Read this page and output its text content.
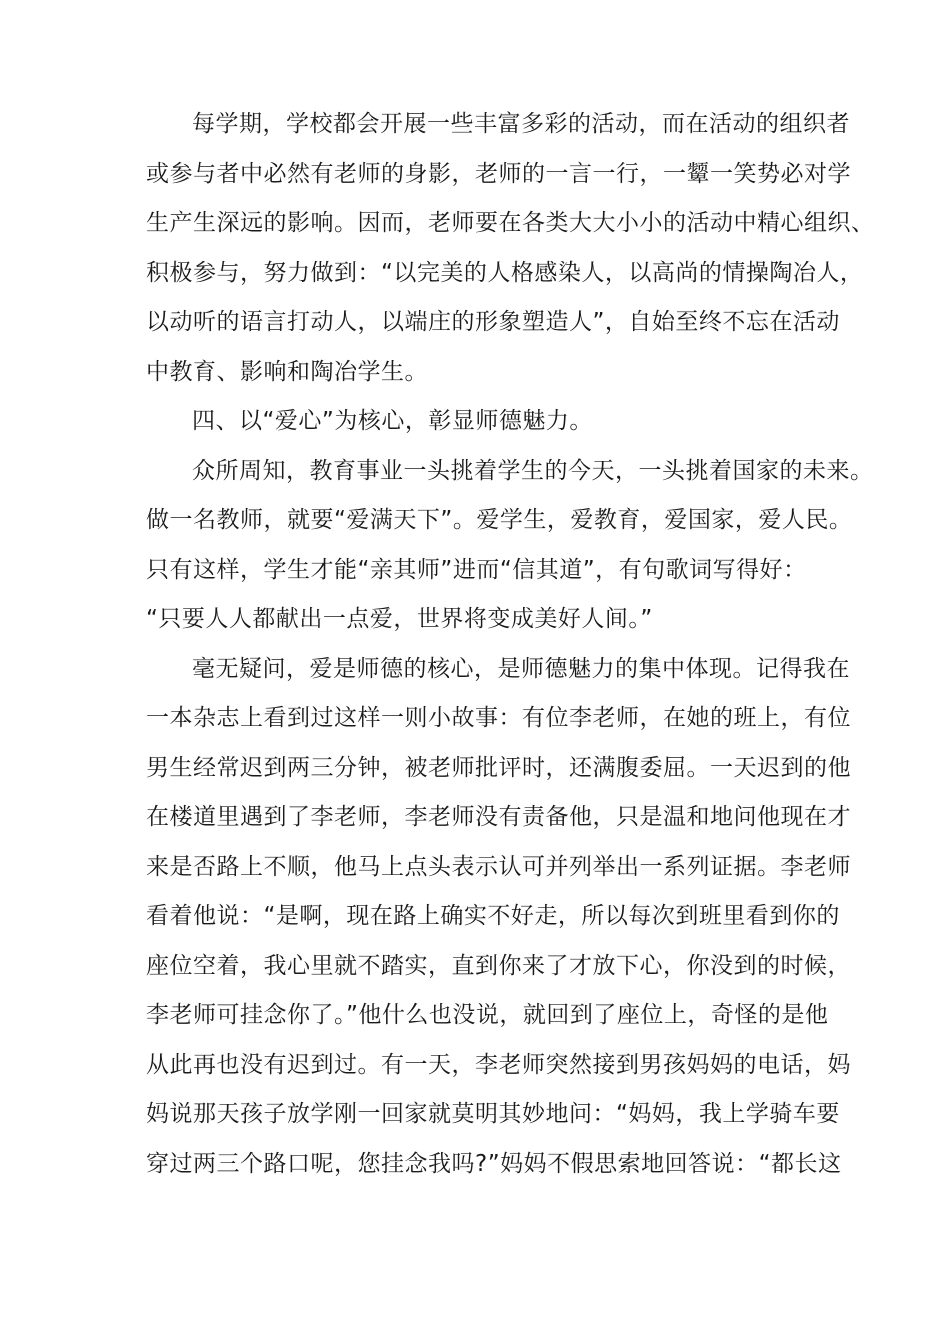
每学期，学校都会开展一些丰富多彩的活动，而在活动的组织者
或参与者中必然有老师的身影，老师的一言一行，一颦一笑势必对学
生产生深远的影响。因而，老师要在各类大大小小的活动中精心组织、
积极参与，努力做到：“以完美的人格感染人，以高尚的情操陶冶人，
以动听的语言打动人，以端庄的形象塑造人”，自始至终不忘在活动
中教育、影响和陶冶学生。
四、以“爱心”为核心，彰显师德魅力。
众所周知，教育事业一头挑着学生的今天，一头挑着国家的未来。
做一名教师，就要“爱满天下”。爱学生，爱教育，爱国家，爱人民。
只有这样，学生才能“亲其师”进而“信其道”，有句歌词写得好：
“只要人人都献出一点爱，世界将变成美好人间。”
毫无疑问，爱是师德的核心，是师德魅力的集中体现。记得我在
一本杂志上看到过这样一则小故事：有位李老师，在她的班上，有位
男生经常迟到两三分钟，被老师批评时，还满腹委屈。一天迟到的他
在楼道里遇到了李老师，李老师没有责备他，只是温和地问他现在才
来是否路上不顺，他马上点头表示认可并列举出一系列证据。李老师
看着他说：“是啊，现在路上确实不好走，所以每次到班里看到你的
座位空着，我心里就不踏实，直到你来了才放下心，你没到的时候，
李老师可挂念你了。”他什么也没说，就回到了座位上，奇怪的是他
从此再也没有迟到过。有一天，李老师突然接到男孩妈妈的电话，妈
妈说那天孩子放学刚一回家就莫明其妙地问：“妈妈，我上学骑车要
穿过两三个路口呢，您挂念我吗?”妈妈不假思索地回答说：“都长这
